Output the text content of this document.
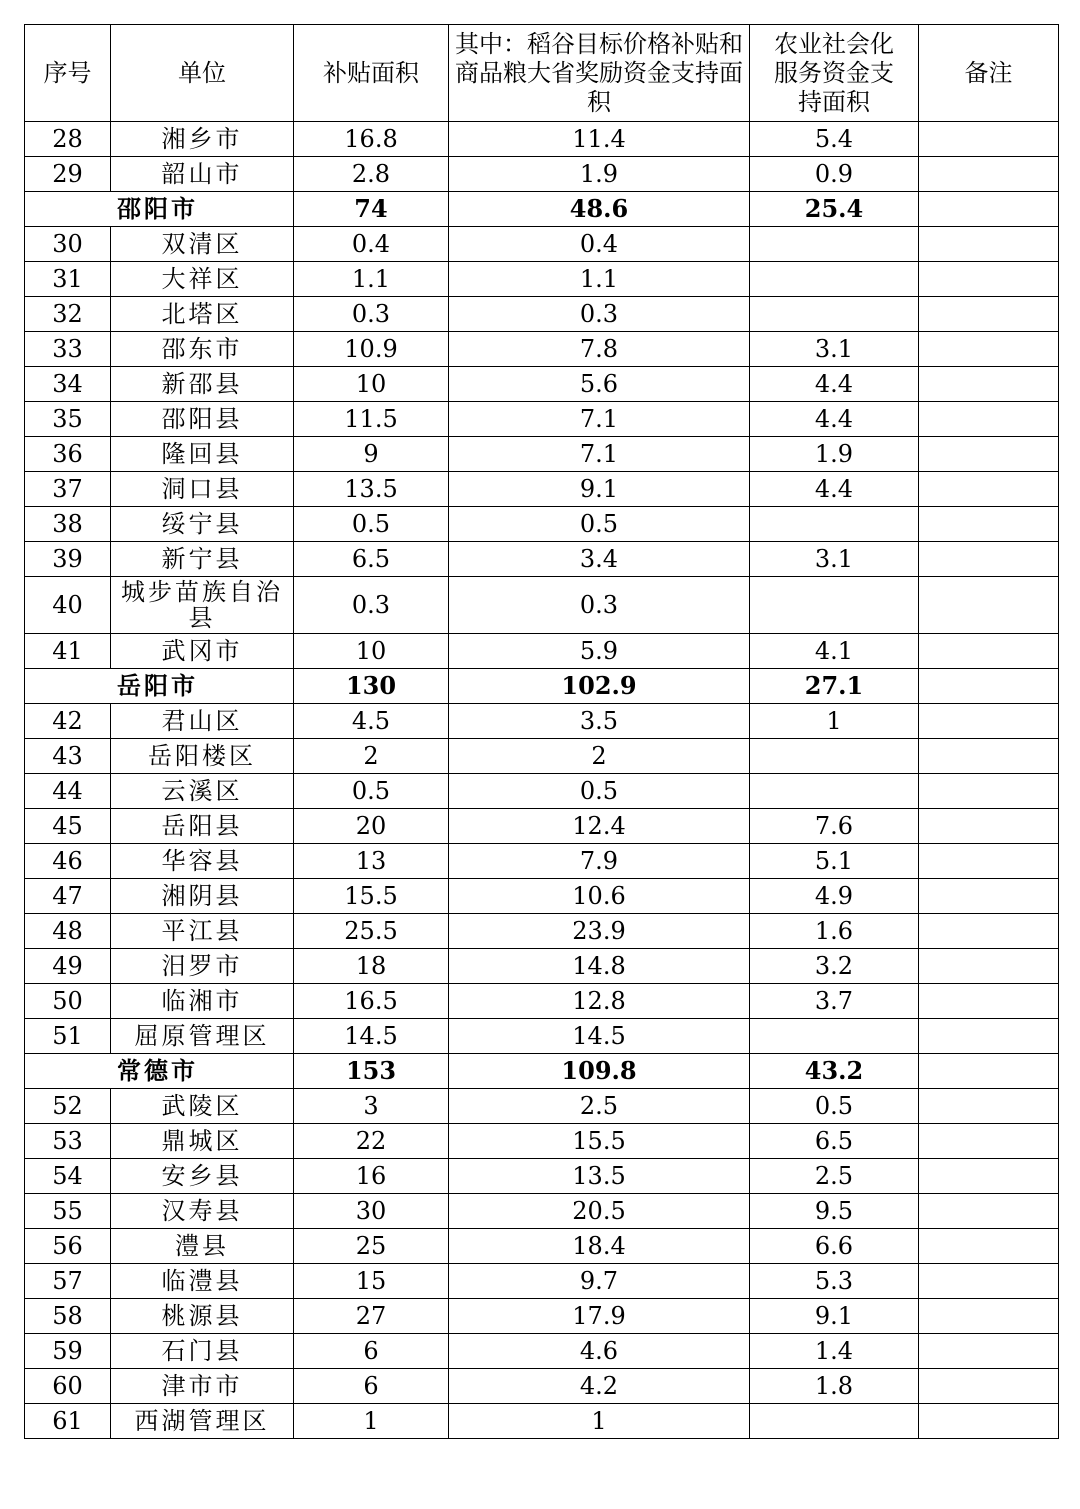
序号	单位	补贴面积	其中：稻谷目标价格补贴和商品粮大省奖励资金支持面积	农业社会化服务资金支持面积	备注
28	湘乡市	16.8	11.4	5.4	
29	韶山市	2.8	1.9	0.9	
邵阳市		74	48.6	25.4	
30	双清区	0.4	0.4		
31	大祥区	1.1	1.1		
32	北塔区	0.3	0.3		
33	邵东市	10.9	7.8	3.1	
34	新邵县	10	5.6	4.4	
35	邵阳县	11.5	7.1	4.4	
36	隆回县	9	7.1	1.9	
37	洞口县	13.5	9.1	4.4	
38	绥宁县	0.5	0.5		
39	新宁县	6.5	3.4	3.1	
40	城步苗族自治县	0.3	0.3		
41	武冈市	10	5.9	4.1	
岳阳市		130	102.9	27.1	
42	君山区	4.5	3.5	1	
43	岳阳楼区	2	2		
44	云溪区	0.5	0.5		
45	岳阳县	20	12.4	7.6	
46	华容县	13	7.9	5.1	
47	湘阴县	15.5	10.6	4.9	
48	平江县	25.5	23.9	1.6	
49	汨罗市	18	14.8	3.2	
50	临湘市	16.5	12.8	3.7	
51	屈原管理区	14.5	14.5		
常德市		153	109.8	43.2	
52	武陵区	3	2.5	0.5	
53	鼎城区	22	15.5	6.5	
54	安乡县	16	13.5	2.5	
55	汉寿县	30	20.5	9.5	
56	澧县	25	18.4	6.6	
57	临澧县	15	9.7	5.3	
58	桃源县	27	17.9	9.1	
59	石门县	6	4.6	1.4	
60	津市市	6	4.2	1.8	
61	西湖管理区	1	1		
